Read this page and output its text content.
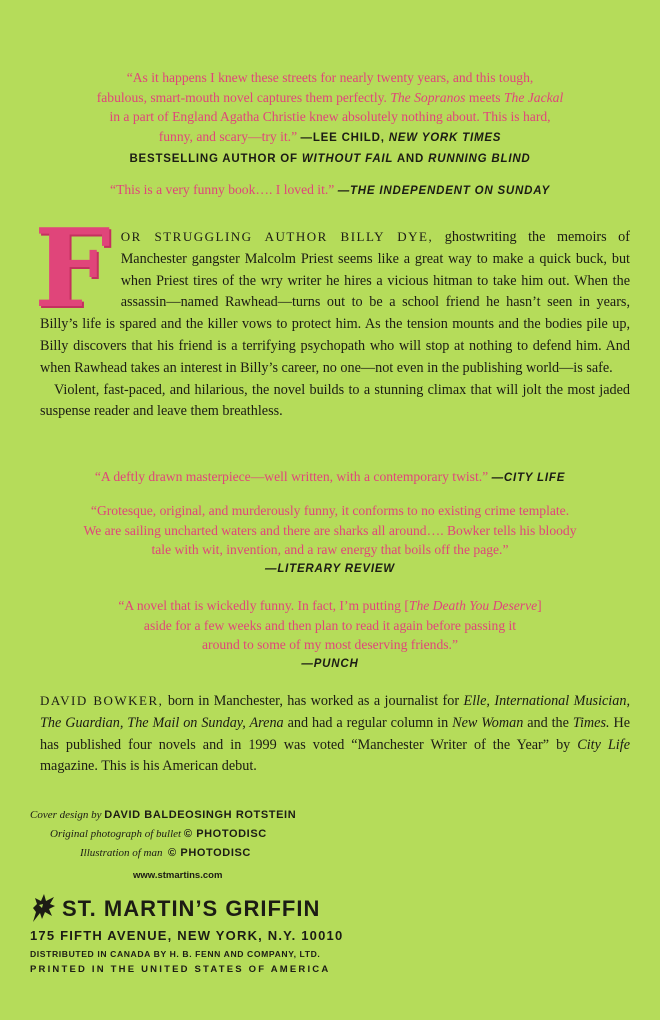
“As it happens I knew these streets for nearly twenty years, and this tough,
fabulous, smart-mouth novel captures them perfectly. The Sopranos meets The Jackal
in a part of England Agatha Christie knew absolutely nothing about. This is hard,
funny, and scary—try it.” —LEE CHILD, NEW YORK TIMES
BESTSELLING AUTHOR OF WITHOUT FAIL AND RUNNING BLIND
“This is a very funny book…. I loved it.” —THE INDEPENDENT ON SUNDAY

FOR STRUGGLING AUTHOR BILLY DYE, ghostwriting the memoirs of Manchester gangster Malcolm Priest seems like a great way to make a quick buck, but when Priest tires of the wry writer he hires a vicious hitman to take him out. When the assassin—named Rawhead—turns out to be a school friend he hasn’t seen in years, Billy’s life is spared and the killer vows to protect him. As the tension mounts and the bodies pile up, Billy discovers that his friend is a terrifying psychopath who will stop at nothing to defend him. And when Rawhead takes an interest in Billy’s career, no one—not even in the publishing world—is safe.

Violent, fast-paced, and hilarious, the novel builds to a stunning climax that will jolt the most jaded suspense reader and leave them breathless.

“A deftly drawn masterpiece—well written, with a contemporary twist.” —CITY LIFE
“Grotesque, original, and murderously funny, it conforms to no existing crime template.
We are sailing uncharted waters and there are sharks all around…. Bowker tells his bloody
tale with wit, invention, and a raw energy that boils off the page.”
—LITERARY REVIEW
“A novel that is wickedly funny. In fact, I’m putting [The Death You Deserve]
aside for a few weeks and then plan to read it again before passing it
around to some of my most deserving friends.”
—PUNCH
DAVID BOWKER, born in Manchester, has worked as a journalist for Elle, International Musician, The Guardian, The Mail on Sunday, Arena and had a regular column in New Woman and the Times. He has published four novels and in 1999 was voted “Manchester Writer of the Year” by City Life magazine. This is his American debut.
Cover design by DAVID BALDEOSINGH ROTSTEIN
Original photograph of bullet © PHOTODISC
Illustration of man © PHOTODISC
www.stmartins.com
ST. MARTIN’S GRIFFIN
175 FIFTH AVENUE, NEW YORK, N.Y. 10010
DISTRIBUTED IN CANADA BY H. B. FENN AND COMPANY, LTD.
PRINTED IN THE UNITED STATES OF AMERICA
